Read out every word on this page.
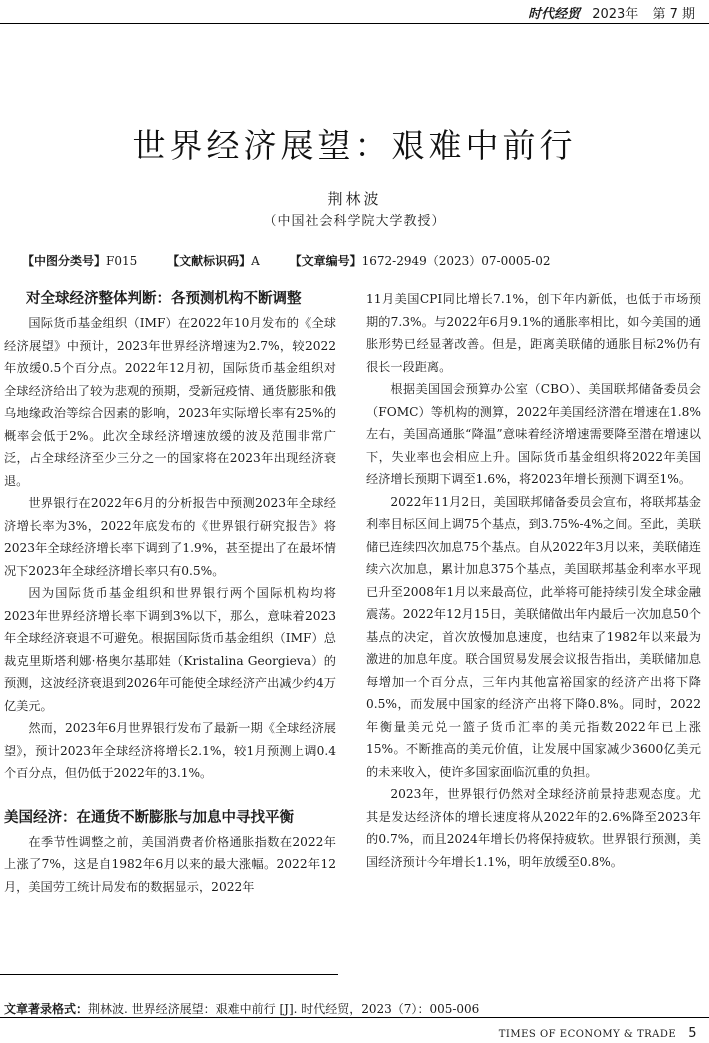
时代经贸 2023年 第 7 期
世界经济展望：艰难中前行
荆林波
（中国社会科学院大学教授）
【中图分类号】F015 【文献标识码】A 【文章编号】1672-2949（2023）07-0005-02
对全球经济整体判断：各预测机构不断调整

国际货币基金组织（IMF）在2022年10月发布的《全球经济展望》中预计，2023年世界经济增速为2.7%，较2022年放缓0.5个百分点。2022年12月初，国际货币基金组织对全球经济给出了较为悲观的预期，受新冠疫情、通货膨胀和俄乌地缘政治等综合因素的影响，2023年实际增长率有25%的概率会低于2%。此次全球经济增速放缓的波及范围非常广泛，占全球经济至少三分之一的国家将在2023年出现经济衰退。

世界银行在2022年6月的分析报告中预测2023年全球经济增长率为3%，2022年底发布的《世界银行研究报告》将2023年全球经济增长率下调到了1.9%，甚至提出了在最坏情况下2023年全球经济增长率只有0.5%。

因为国际货币基金组织和世界银行两个国际机构均将2023年世界经济增长率下调到3%以下，那么，意味着2023年全球经济衰退不可避免。根据国际货币基金组织（IMF）总裁克里斯塔利娜·格奥尔基耶娃（Kristalina Georgieva）的预测，这波经济衰退到2026年可能使全球经济产出减少约4万亿美元。

然而，2023年6月世界银行发布了最新一期《全球经济展望》，预计2023年全球经济将增长2.1%，较1月预测上调0.4个百分点，但仍低于2022年的3.1%。

美国经济：在通货不断膨胀与加息中寻找平衡

在季节性调整之前，美国消费者价格通胀指数在2022年上涨了7%，这是自1982年6月以来的最大涨幅。2022年12月，美国劳工统计局发布的数据显示，2022年

11月美国CPI同比增长7.1%，创下年内新低，也低于市场预期的7.3%。与2022年6月9.1%的通胀率相比，如今美国的通胀形势已经显著改善。但是，距离美联储的通胀目标2%仍有很长一段距离。

根据美国国会预算办公室（CBO）、美国联邦储备委员会（FOMC）等机构的测算，2022年美国经济潜在增速在1.8%左右，美国高通胀“降温”意味着经济增速需要降至潜在增速以下，失业率也会相应上升。国际货币基金组织将2022年美国经济增长预期下调至1.6%，将2023年增长预测下调至1%。

2022年11月2日，美国联邦储备委员会宣布，将联邦基金利率目标区间上调75个基点，到3.75%-4%之间。至此，美联储已连续四次加息75个基点。自从2022年3月以来，美联储连续六次加息，累计加息375个基点，美国联邦基金利率水平现已升至2008年1月以来最高位，此举将可能持续引发全球金融震荡。2022年12月15日，美联储做出年内最后一次加息50个基点的决定，首次放慢加息速度，也结束了1982年以来最为激进的加息年度。联合国贸易发展会议报告指出，美联储加息每增加一个百分点，三年内其他富裕国家的经济产出将下降0.5%，而发展中国家的经济产出将下降0.8%。同时，2022年衡量美元兑一篮子货币汇率的美元指数2022年已上涨15%。不断推高的美元价值，让发展中国家减少3600亿美元的未来收入，使许多国家面临沉重的负担。

2023年，世界银行仍然对全球经济前景持悲观态度。尤其是发达经济体的增长速度将从2022年的2.6%降至2023年的0.7%，而且2024年增长仍将保持疲软。世界银行预测，美国经济预计今年增长1.1%，明年放缓至0.8%。

文章著录格式：荆林波. 世界经济展望：艰难中前行 [J]. 时代经贸，2023（7）：005-006
TIMES OF ECONOMY & TRADE 5
